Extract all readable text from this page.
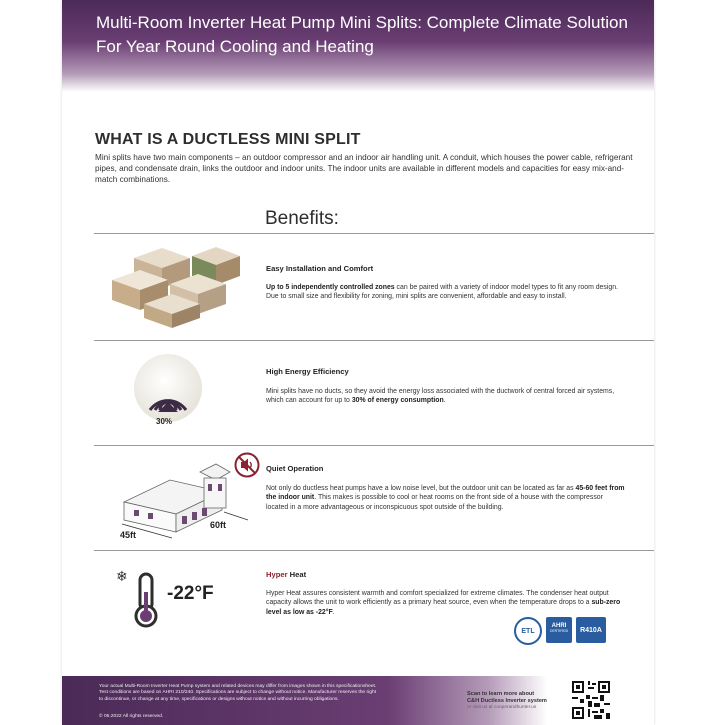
Multi-Room Inverter Heat Pump Mini Splits: Complete Climate Solution
For Year Round Cooling and Heating
WHAT IS A DUCTLESS MINI SPLIT
Mini splits have two main components – an outdoor compressor and an indoor air handling unit. A conduit, which houses the power cable, refrigerant pipes, and condensate drain, links the outdoor and indoor units. The indoor units are available in different models and capacities for easy mix-and-match combinations.
Benefits:
Easy Installation and Comfort
Up to 5 independently controlled zones can be paired with a variety of indoor model types to fit any room design. Due to small size and flexibility for zoning, mini splits are convenient, affordable and easy to install.
30%
High Energy Efficiency
Mini splits have no ducts, so they avoid the energy loss associated with the ductwork of central forced air systems, which can account for up to 30% of energy consumption.
45ft
60ft
Quiet Operation
Not only do ductless heat pumps have a low noise level, but the outdoor unit can be located as far as 45-60 feet from the indoor unit. This makes is possible to cool or heat rooms on the front side of a house with the compressor located in a more advantageous or inconspicuous spot outside of the building.
❄
-22°F
Hyper Heat
Hyper Heat assures consistent warmth and comfort specialized for extreme climates. The condenser heat output capacity allows the unit to work efficiently as a primary heat source, even when the temperature drops to a sub-zero level as low as -22°F.
ETL
AHRI
CERTIFIED	R410A
Your actual Multi-Room Inverter Heat Pump system and related devices may differ from images shown in this specificationsheet. Test conditions are based on AHRI 210/240. Specifications are subject to change without notice. Manufacturer reserves the right to discontinue, or change at any time, specifications or designs without notice and without incurring obligations.
© 05.2022 All rights reserved.
Scan to learn more about
C&H Ductless Inverter system
or visit us at cooperandhunter.us
